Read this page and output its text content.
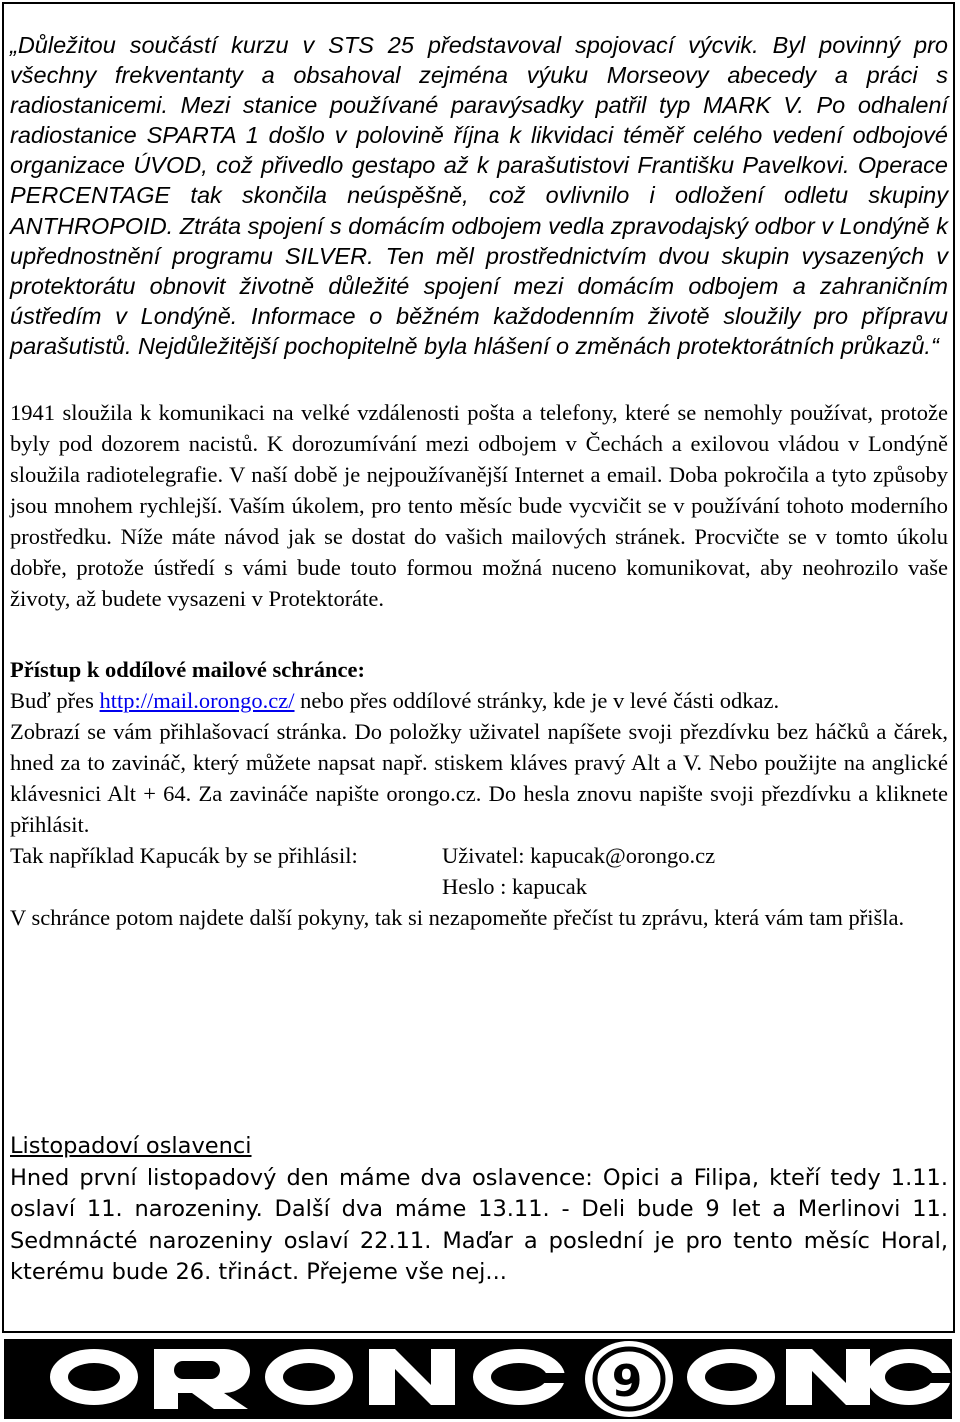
„Důležitou součástí kurzu v STS 25 představoval spojovací výcvik. Byl povinný pro všechny frekventanty a obsahoval zejména výuku Morseovy abecedy a práci s radiostanicemi. Mezi stanice používané paravýsadky patřil typ MARK V. Po odhalení radiostanice SPARTA 1 došlo v polovině října k likvidaci téměř celého vedení odbojové organizace ÚVOD, což přivedlo gestapo až k parašutistovi Františku Pavelkovi. Operace PERCENTAGE tak skončila neúspěšně, což ovlivnilo i odložení odletu skupiny ANTHROPOID. Ztráta spojení s domácím odbojem vedla zpravodajský odbor v Londýně k upřednostnění programu SILVER. Ten měl prostřednictvím dvou skupin vysazených v protektorátu obnovit životně důležité spojení mezi domácím odbojem a zahraničním ústředím v Londýně. Informace o běžném každodenním životě sloužily pro přípravu parašutistů. Nejdůležitější pochopitelně byla hlášení o změnách protektorátních průkazů.“

1941 sloužila k komunikaci na velké vzdálenosti pošta a telefony, které se nemohly používat, protože byly pod dozorem nacistů. K dorozumívání mezi odbojem v Čechách a exilovou vládou v Londýně sloužila radiotelegrafie. V naší době je nejpoužívanější Internet a email. Doba pokročila a tyto způsoby jsou mnohem rychlejší. Vaším úkolem, pro tento měsíc bude vycvičit se v používání tohoto moderního prostředku. Níže máte návod jak se dostat do vašich mailových stránek. Procvičte se v tomto úkolu dobře, protože ústředí s vámi bude touto formou možná nuceno komunikovat, aby neohrozilo vaše životy, až budete vysazeni v Protektoráte.

Přístup k oddílové mailové schránce:

Buď přes http://mail.orongo.cz/ nebo přes oddílové stránky, kde je v levé části odkaz.

Zobrazí se vám přihlašovací stránka. Do položky uživatel napíšete svoji přezdívku bez háčků a čárek, hned za to zavináč, který můžete napsat např. stiskem kláves pravý Alt a V. Nebo použijte na anglické klávesnici Alt + 64. Za zavináče napište orongo.cz. Do hesla znovu napište svoji přezdívku a kliknete přihlásit.

Tak například Kapucák by se přihlásil:	Uživatel: kapucak@orongo.cz
Heslo : kapucak

V schránce potom najdete další pokyny, tak si nezapomeňte přečíst tu zprávu, která vám tam přišla.

Listopadoví oslavenci

Hned první listopadový den máme dva oslavence: Opici a Filipa, kteří tedy 1.11. oslaví 11. narozeniny. Další dva máme 13.11. - Deli bude 9 let a Merlinovi 11. Sedmnácté narozeniny oslaví 22.11. Maďar a poslední je pro tento měsíc Horal, kterému bude 26. třináct. Přejeme vše nej...

9
